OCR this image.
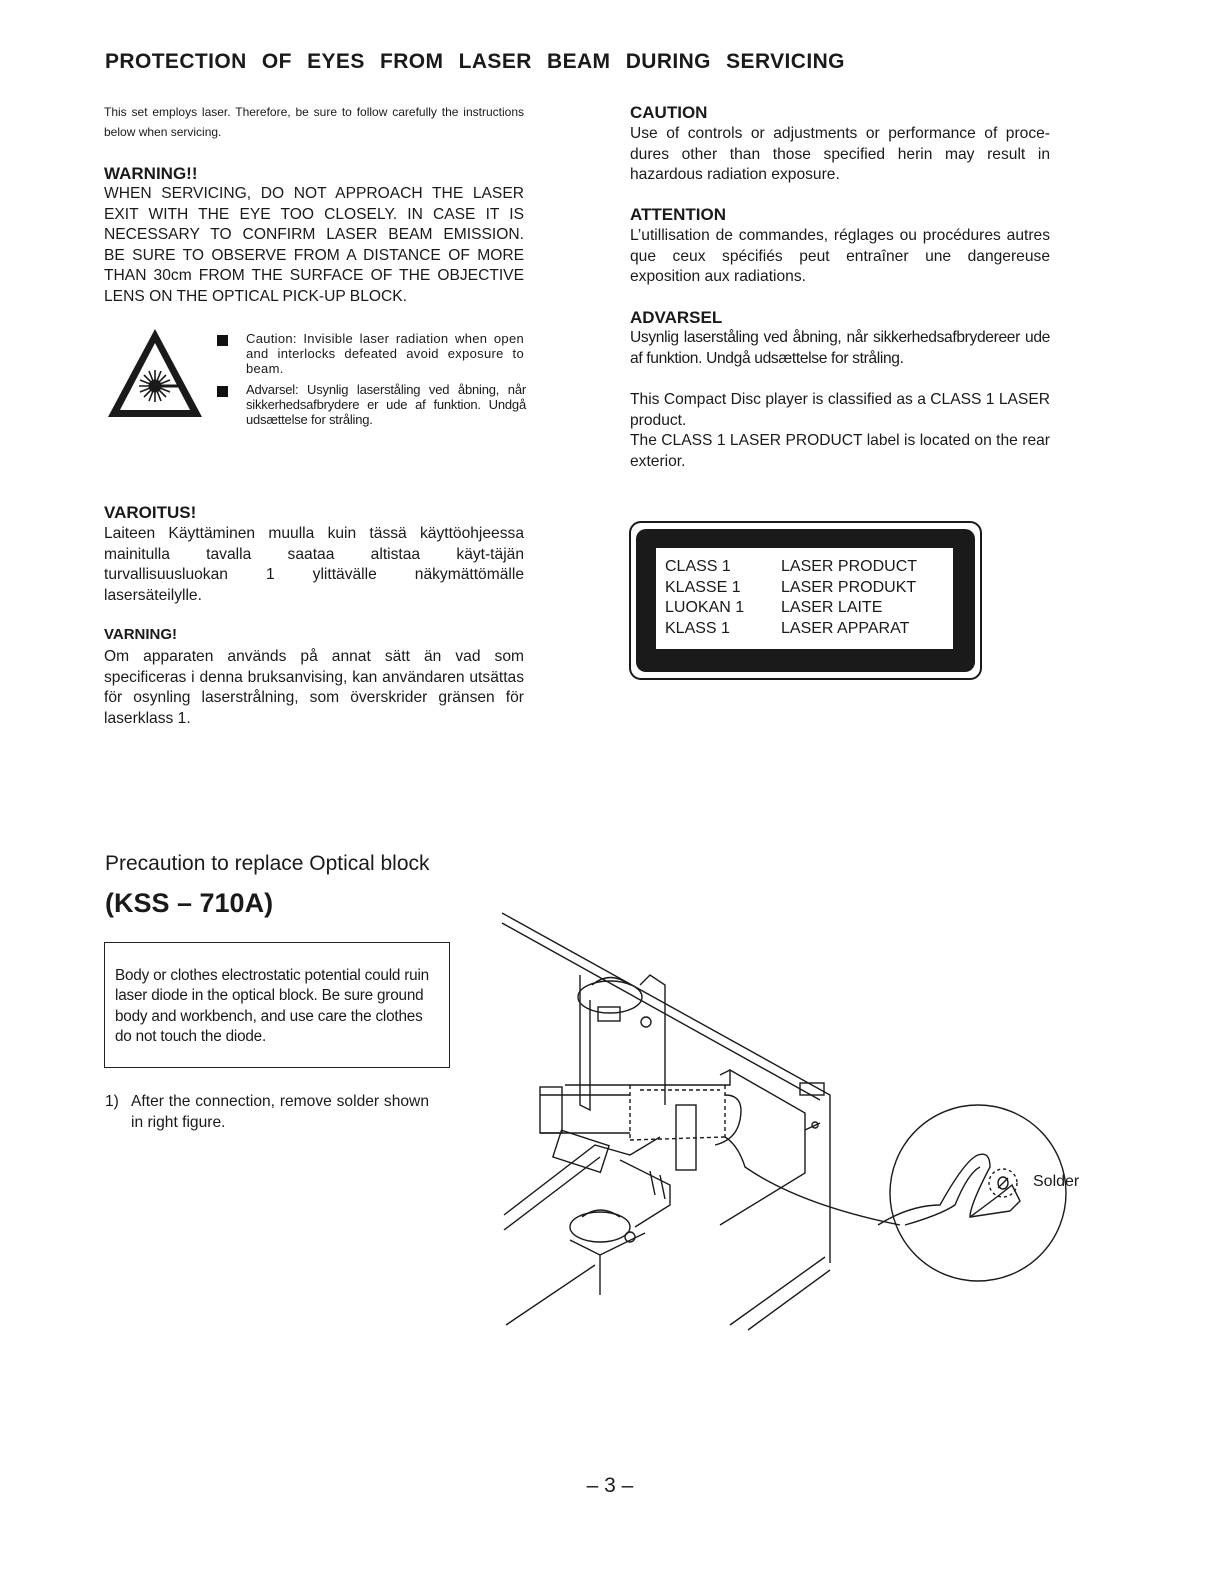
PROTECTION OF EYES FROM LASER BEAM DURING SERVICING
This set employs laser. Therefore, be sure to follow carefully the instructions below when servicing.
WARNING!!
WHEN SERVICING, DO NOT APPROACH THE LASER
EXIT WITH THE EYE TOO CLOSELY. IN CASE IT IS
NECESSARY TO CONFIRM LASER BEAM EMISSION.
BE SURE TO OBSERVE FROM A DISTANCE OF MORE
THAN 30cm FROM THE SURFACE OF THE OBJECTIVE
LENS ON THE OPTICAL PICK-UP BLOCK.
Caution: Invisible laser radiation when open and interlocks defeated avoid exposure to beam.
Advarsel: Usynlig laserståling ved åbning, når sikkerhedsafbrydere er ude af funktion. Undgå udsættelse for stråling.
VAROITUS!
Laiteen Käyttäminen muulla kuin tässä käyttöohjeessa mainitulla tavalla saataa altistaa käyt-täjän turvallisuusluokan 1 ylittävälle näkymättömälle lasersäteilylle.
VARNING!
Om apparaten används på annat sätt än vad som specificeras i denna bruksanvising, kan användaren utsättas för osynling laserstrålning, som överskrider gränsen för laserklass 1.
CAUTION
Use of controls or adjustments or performance of proce-dures other than those specified herin may result in hazardous radiation exposure.
ATTENTION
L’utillisation de commandes, réglages ou procédures autres que ceux spécifiés peut entraîner une dangereuse exposition aux radiations.
ADVARSEL
Usynlig laserståling ved åbning, når sikkerhedsafbrydereer ude af funktion. Undgå udsættelse for stråling.
This Compact Disc player is classified as a CLASS 1 LASER product.
The CLASS 1 LASER PRODUCT label is located on the rear exterior.
CLASS 1	LASER PRODUCT
KLASSE 1	LASER PRODUKT
LUOKAN 1 LASER LAITE
KLASS 1	LASER APPARAT
Precaution to replace Optical block
(KSS – 710A)
Body or clothes electrostatic potential could ruin laser diode in the optical block. Be sure ground body and workbench, and use care the clothes do not touch the diode.
1) After the connection, remove solder shown in right figure.
Solder
– 3 –
